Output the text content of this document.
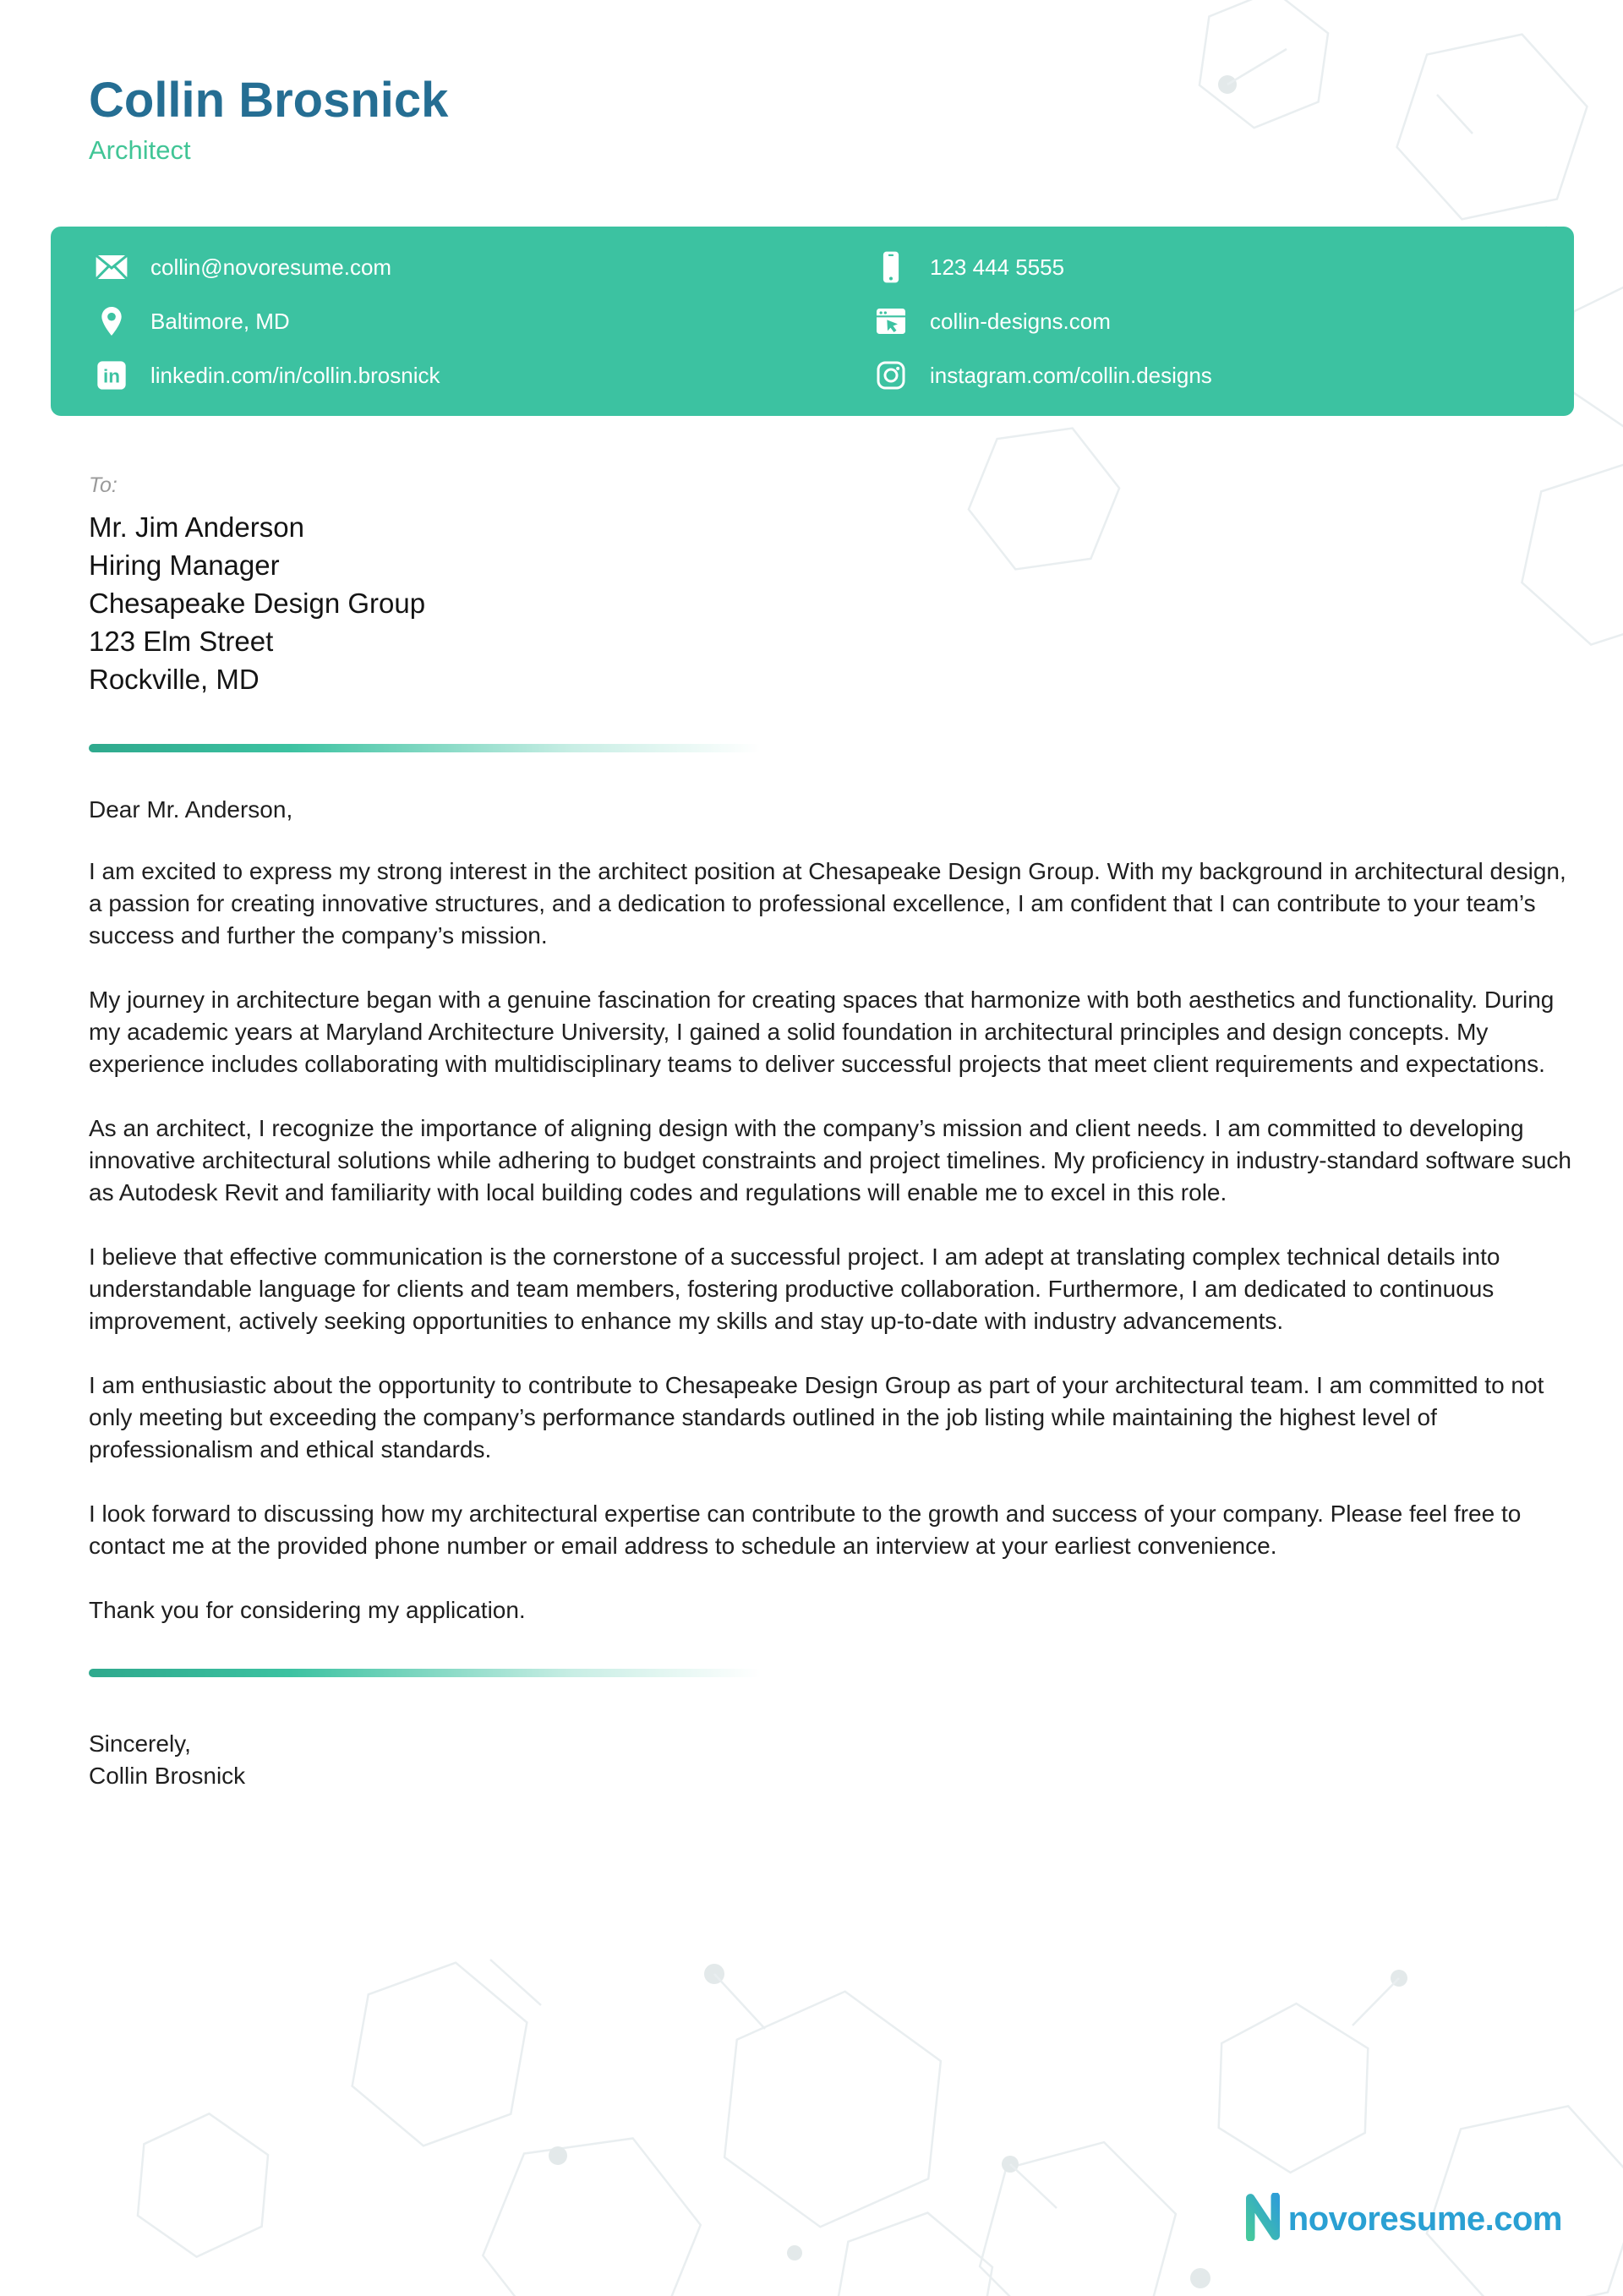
Collin Brosnick
Architect
collin@novoresume.com
Baltimore, MD
in linkedin.com/in/collin.brosnick
123 444 5555
collin-designs.com
instagram.com/collin.designs
To:
Mr. Jim Anderson
Hiring Manager
Chesapeake Design Group
123 Elm Street
Rockville, MD
Dear Mr. Anderson,

I am excited to express my strong interest in the architect position at Chesapeake Design Group. With my background in architectural design, a passion for creating innovative structures, and a dedication to professional excellence, I am confident that I can contribute to your team’s success and further the company’s mission.

My journey in architecture began with a genuine fascination for creating spaces that harmonize with both aesthetics and functionality. During my academic years at Maryland Architecture University, I gained a solid foundation in architectural principles and design concepts. My experience includes collaborating with multidisciplinary teams to deliver successful projects that meet client requirements and expectations.

As an architect, I recognize the importance of aligning design with the company’s mission and client needs. I am committed to developing innovative architectural solutions while adhering to budget constraints and project timelines. My proficiency in industry-standard software such as Autodesk Revit and familiarity with local building codes and regulations will enable me to excel in this role.

I believe that effective communication is the cornerstone of a successful project. I am adept at translating complex technical details into understandable language for clients and team members, fostering productive collaboration. Furthermore, I am dedicated to continuous improvement, actively seeking opportunities to enhance my skills and stay up-to-date with industry advancements.

I am enthusiastic about the opportunity to contribute to Chesapeake Design Group as part of your architectural team. I am committed to not only meeting but exceeding the company’s performance standards outlined in the job listing while maintaining the highest level of professionalism and ethical standards.

I look forward to discussing how my architectural expertise can contribute to the growth and success of your company. Please feel free to contact me at the provided phone number or email address to schedule an interview at your earliest convenience.

Thank you for considering my application.

Sincerely,
Collin Brosnick
novoresume.com
